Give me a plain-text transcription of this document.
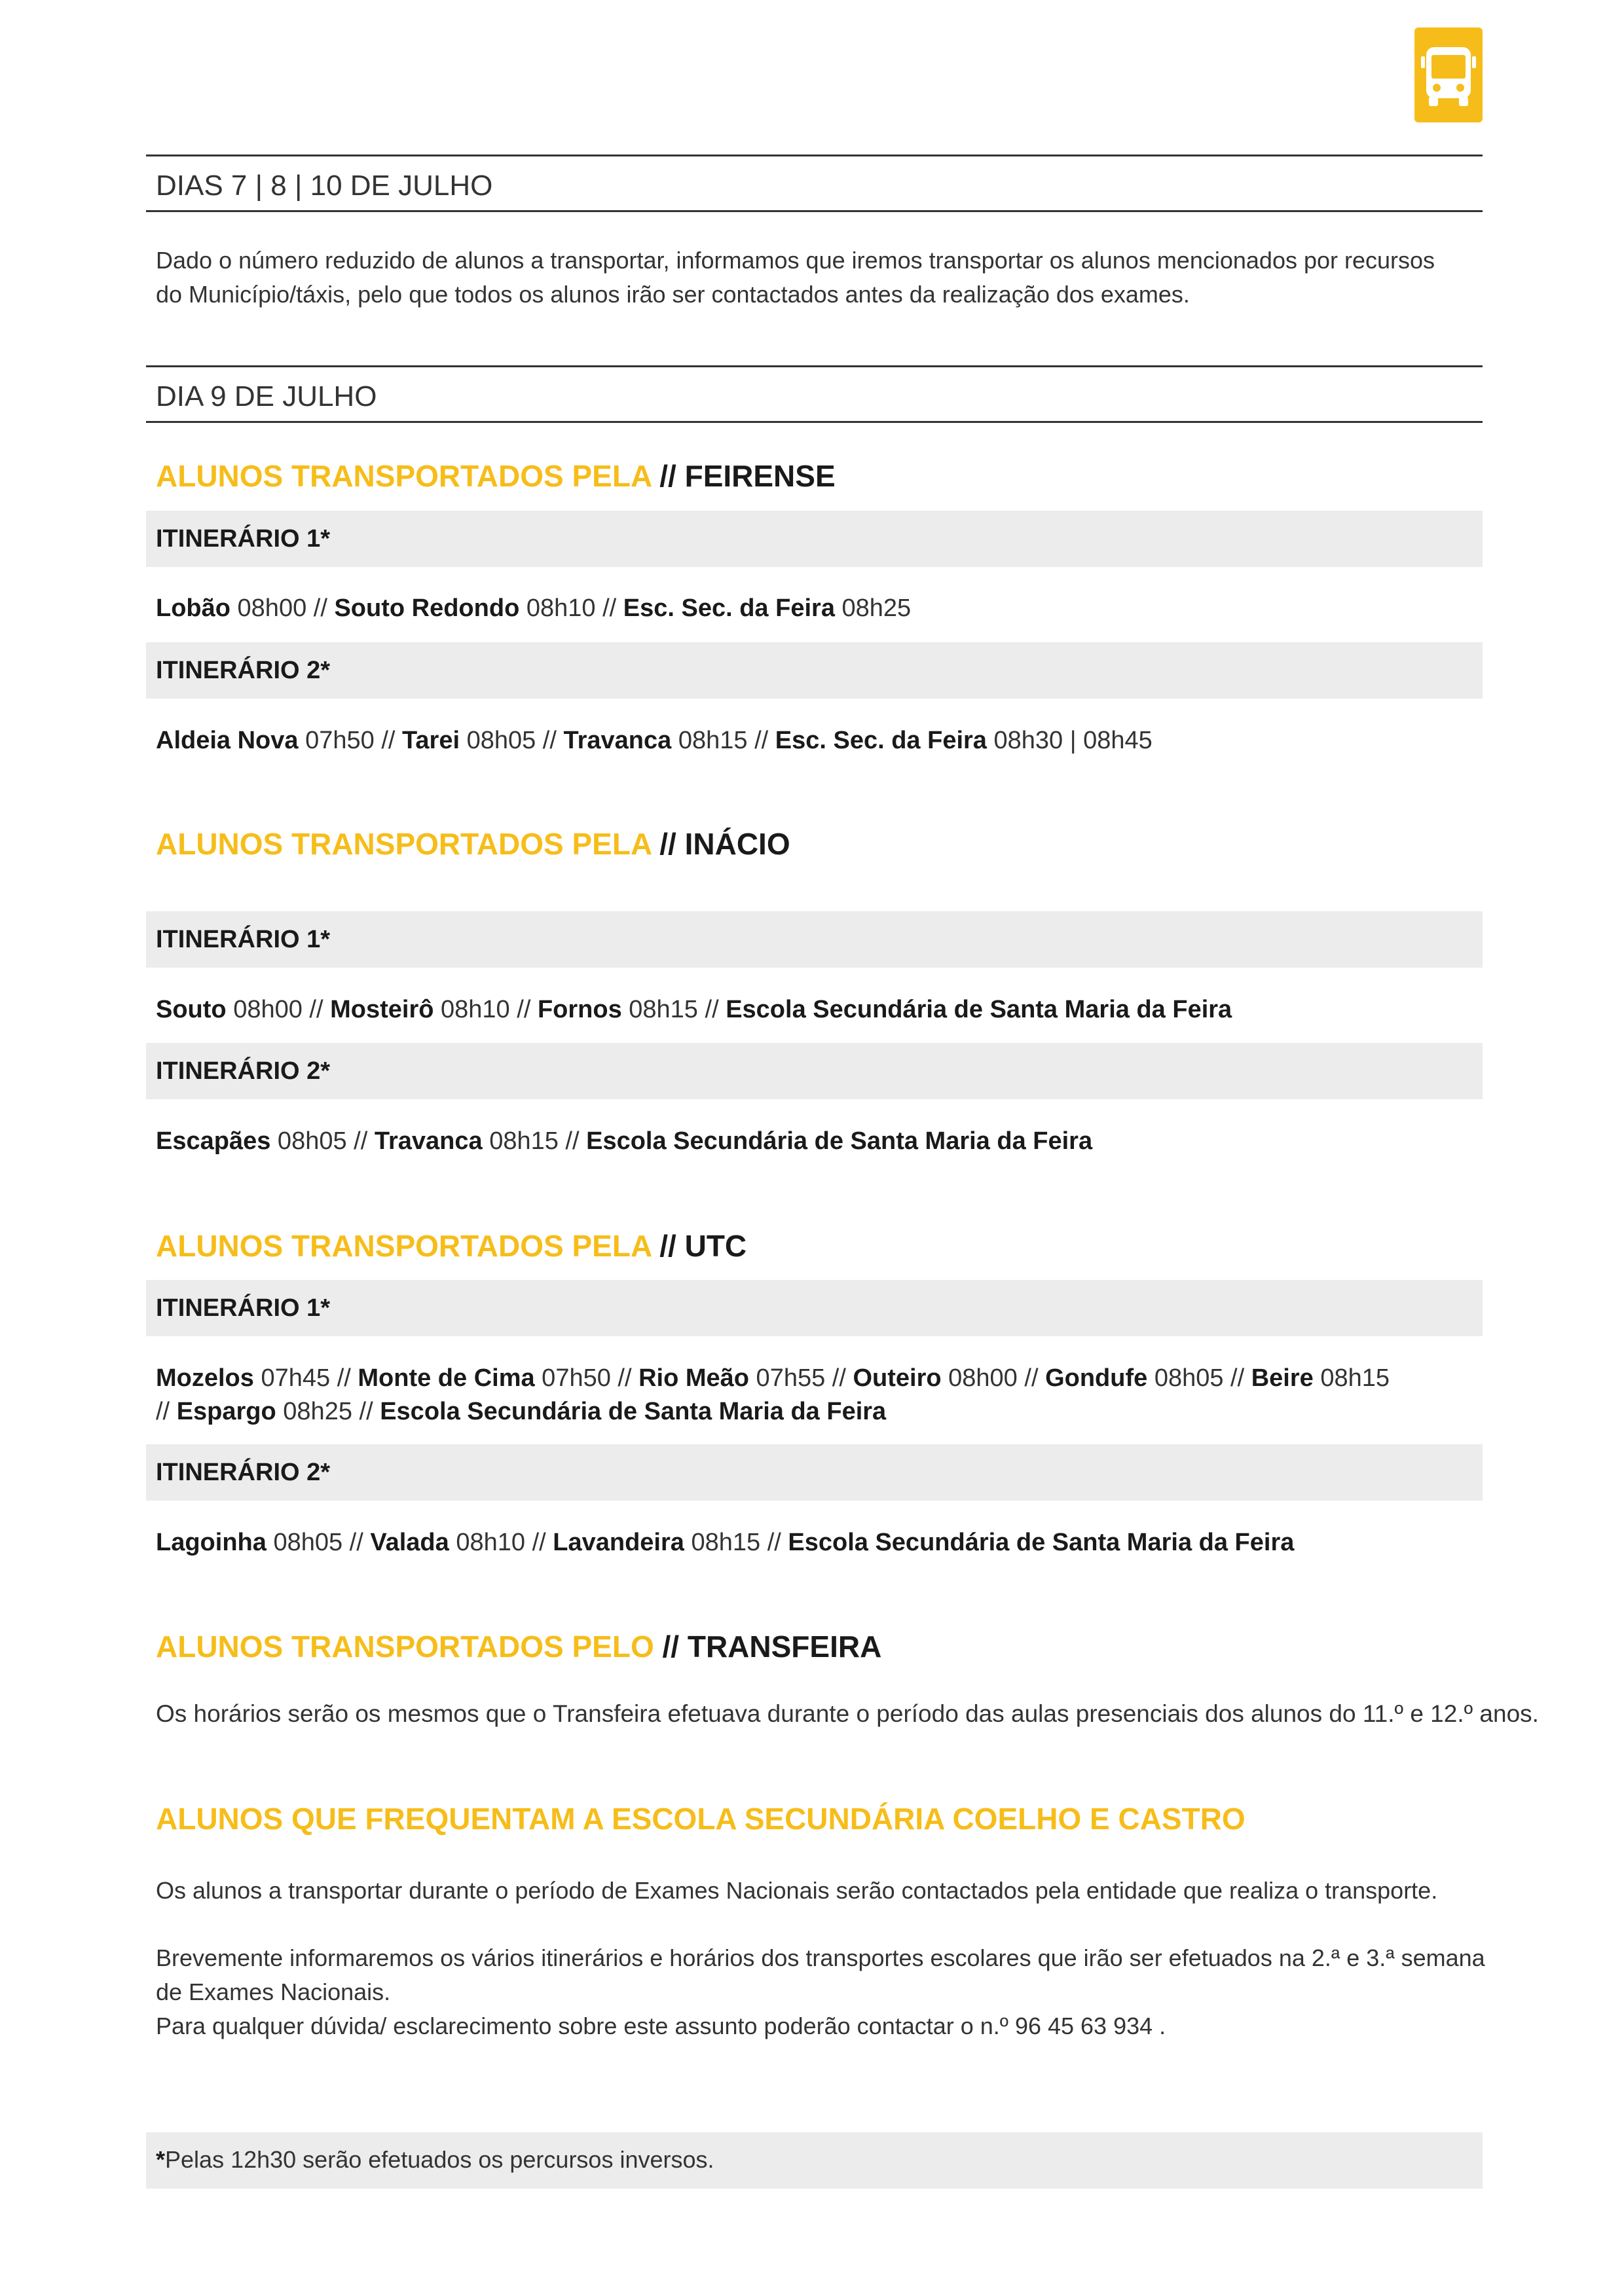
DIAS 7 | 8 | 10 DE JULHO
Dado o número reduzido de alunos a transportar, informamos que iremos transportar os alunos mencionados por recursos
do Município/táxis, pelo que todos os alunos irão ser contactados antes da realização dos exames.
DIA 9 DE JULHO
ALUNOS TRANSPORTADOS PELA // FEIRENSE
ITINERÁRIO 1*
Lobão 08h00 // Souto Redondo 08h10 // Esc. Sec. da Feira 08h25
ITINERÁRIO 2*
Aldeia Nova 07h50 // Tarei 08h05 // Travanca 08h15 // Esc. Sec. da Feira 08h30 | 08h45
ALUNOS TRANSPORTADOS PELA // INÁCIO
ITINERÁRIO 1*
Souto 08h00 // Mosteirô 08h10 // Fornos 08h15 // Escola Secundária de Santa Maria da Feira
ITINERÁRIO 2*
Escapães 08h05 // Travanca 08h15 // Escola Secundária de Santa Maria da Feira
ALUNOS TRANSPORTADOS PELA // UTC
ITINERÁRIO 1*
Mozelos 07h45 // Monte de Cima 07h50 // Rio Meão 07h55 // Outeiro 08h00 // Gondufe 08h05 // Beire 08h15
// Espargo 08h25 // Escola Secundária de Santa Maria da Feira
ITINERÁRIO 2*
Lagoinha 08h05 // Valada 08h10 // Lavandeira 08h15 // Escola Secundária de Santa Maria da Feira
ALUNOS TRANSPORTADOS PELO // TRANSFEIRA
Os horários serão os mesmos que o Transfeira efetuava durante o período das aulas presenciais dos alunos do 11.º e 12.º anos.
ALUNOS QUE FREQUENTAM A ESCOLA SECUNDÁRIA COELHO E CASTRO
Os alunos a transportar durante o período de Exames Nacionais serão contactados pela entidade que realiza o transporte.
Brevemente informaremos os vários itinerários e horários dos transportes escolares que irão ser efetuados na 2.ª e 3.ª semana
de Exames Nacionais.
Para qualquer dúvida/ esclarecimento sobre este assunto poderão contactar o n.º 96 45 63 934 .
*Pelas 12h30 serão efetuados os percursos inversos.
